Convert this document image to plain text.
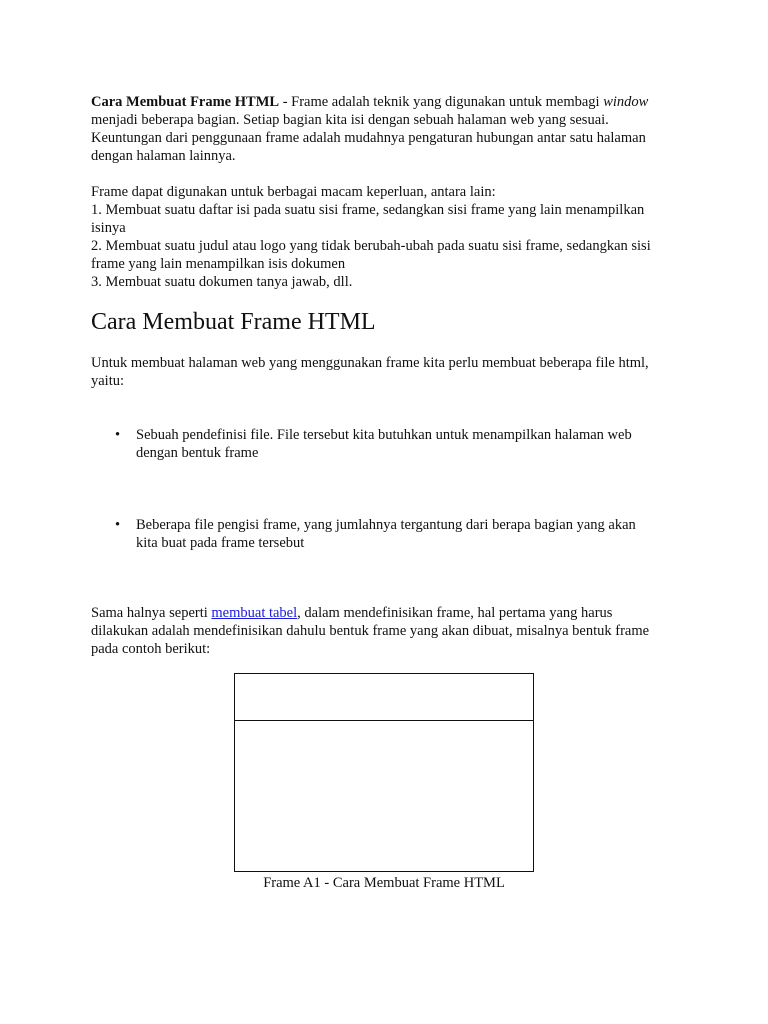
Cara Membuat Frame HTML - Frame adalah teknik yang digunakan untuk membagi window
menjadi beberapa bagian. Setiap bagian kita isi dengan sebuah halaman web yang sesuai.
Keuntungan dari penggunaan frame adalah mudahnya pengaturan hubungan antar satu halaman
dengan halaman lainnya.
Frame dapat digunakan untuk berbagai macam keperluan, antara lain:
1. Membuat suatu daftar isi pada suatu sisi frame, sedangkan sisi frame yang lain menampilkan
isinya
2. Membuat suatu judul atau logo yang tidak berubah-ubah pada suatu sisi frame, sedangkan sisi
frame yang lain menampilkan isis dokumen
3. Membuat suatu dokumen tanya jawab, dll.
Cara Membuat Frame HTML
Untuk membuat halaman web yang menggunakan frame kita perlu membuat beberapa file html,
yaitu:
• Sebuah pendefinisi file. File tersebut kita butuhkan untuk menampilkan halaman web
dengan bentuk frame
• Beberapa file pengisi frame, yang jumlahnya tergantung dari berapa bagian yang akan
kita buat pada frame tersebut
Sama halnya seperti membuat tabel, dalam mendefinisikan frame, hal pertama yang harus
dilakukan adalah mendefinisikan dahulu bentuk frame yang akan dibuat, misalnya bentuk frame
pada contoh berikut:
Frame A1 - Cara Membuat Frame HTML
